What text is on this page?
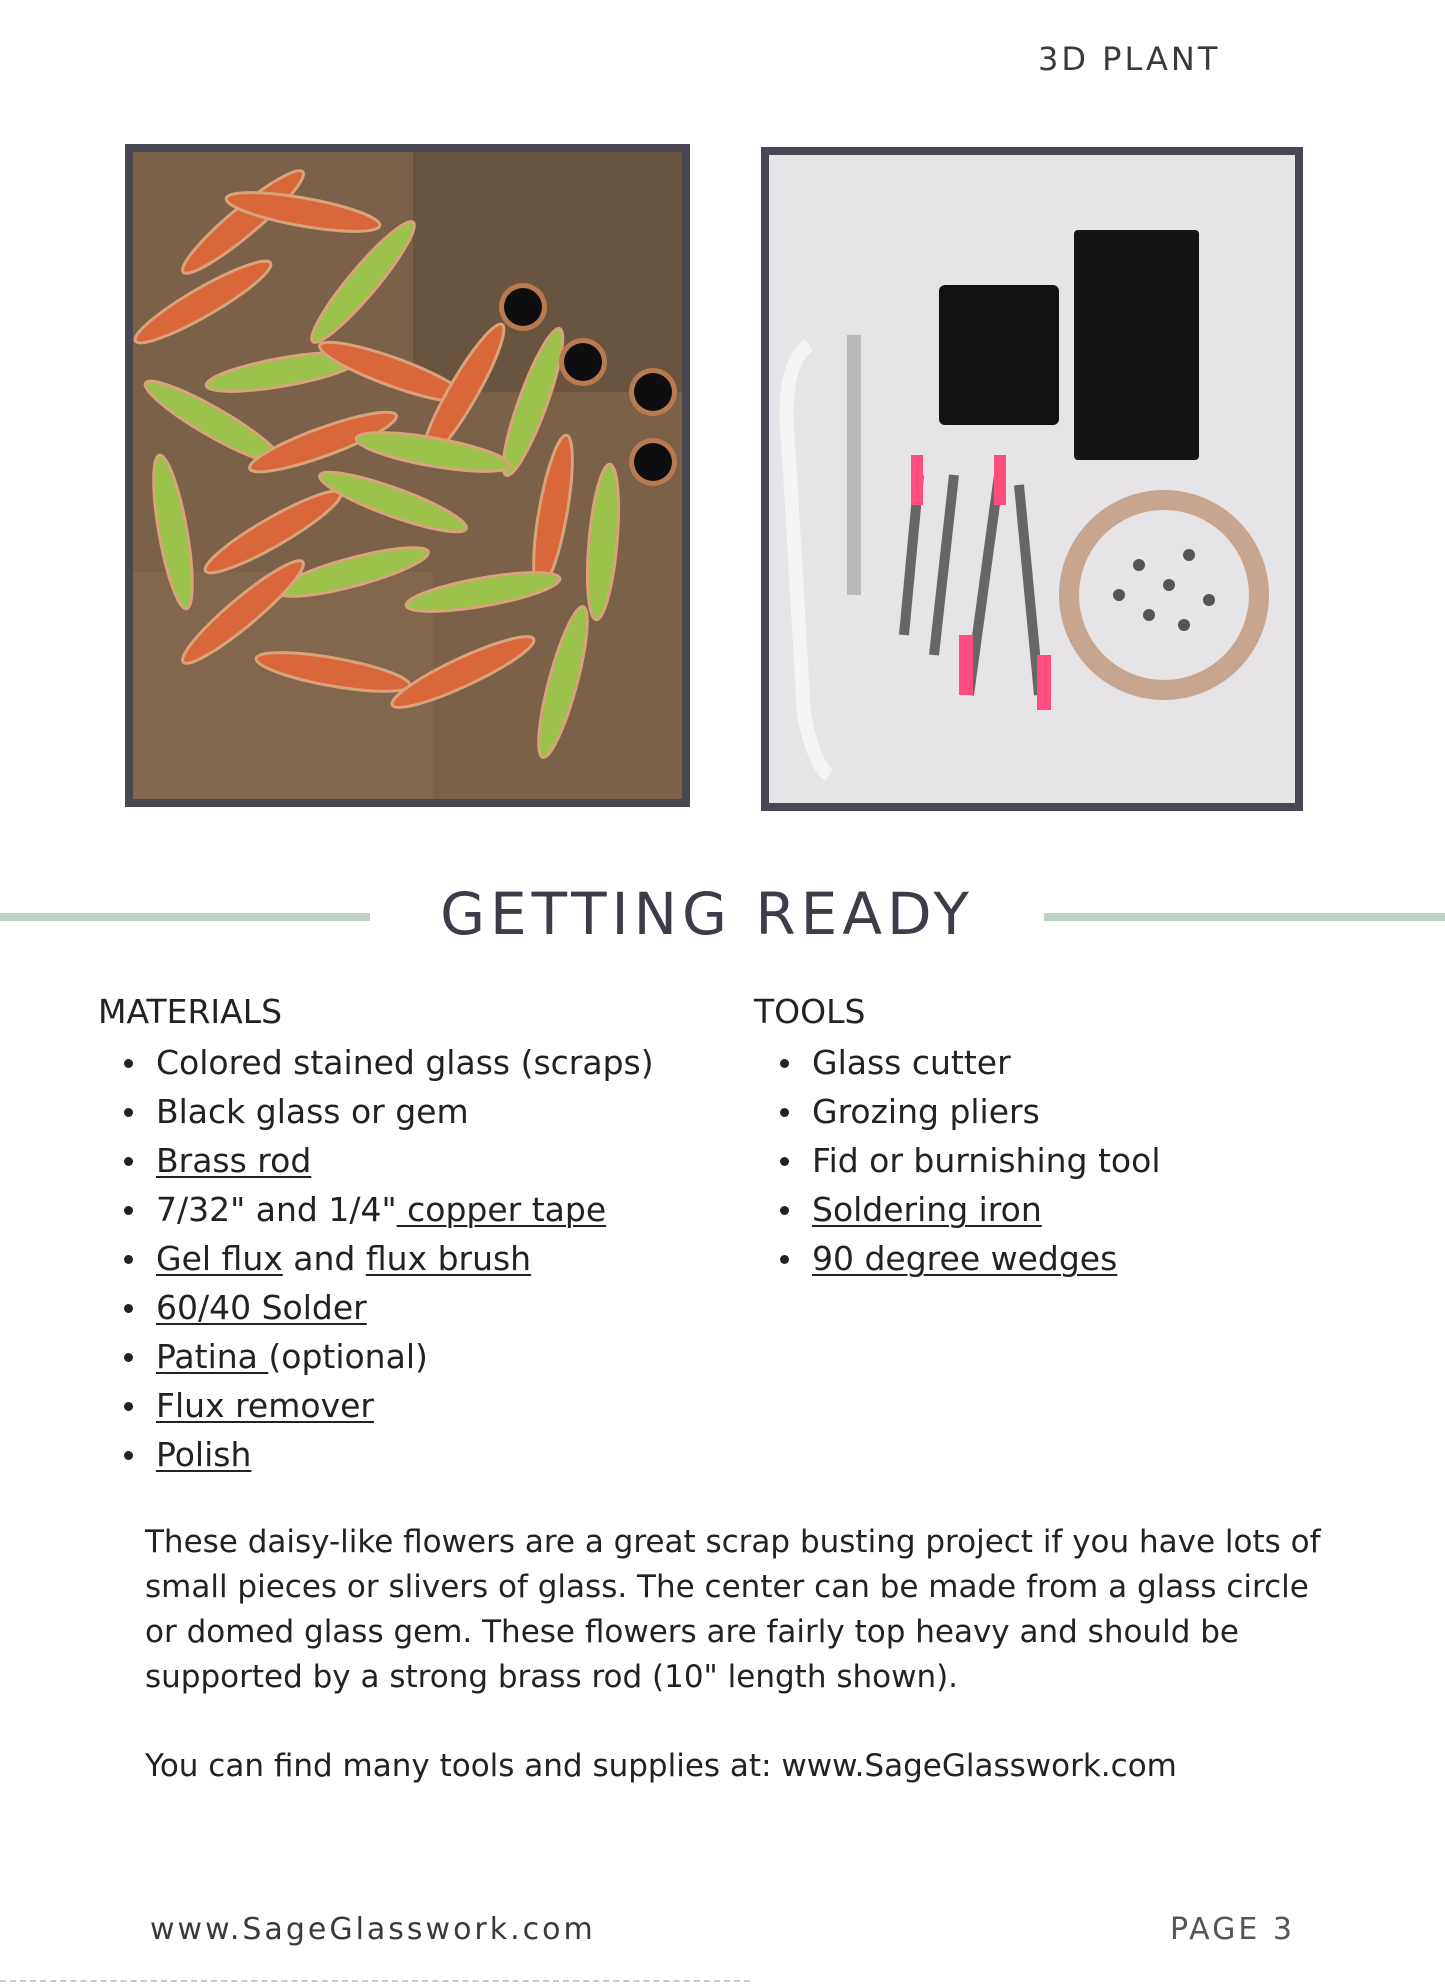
3D PLANT
GETTING READY
MATERIALS
Colored stained glass (scraps)
Black glass or gem
Brass rod
7/32" and 1/4" copper tape
Gel flux and flux brush
60/40 Solder
Patina (optional)
Flux remover
Polish
TOOLS
Glass cutter
Grozing pliers
Fid or burnishing tool
Soldering iron
90 degree wedges
These daisy-like flowers are a great scrap busting project if you have lots of small pieces or slivers of glass. The center can be made from a glass circle or domed glass gem. These flowers are fairly top heavy and should be supported by a strong brass rod (10" length shown).
You can find many tools and supplies at: www.SageGlasswork.com
www.SageGlasswork.com	PAGE 3
